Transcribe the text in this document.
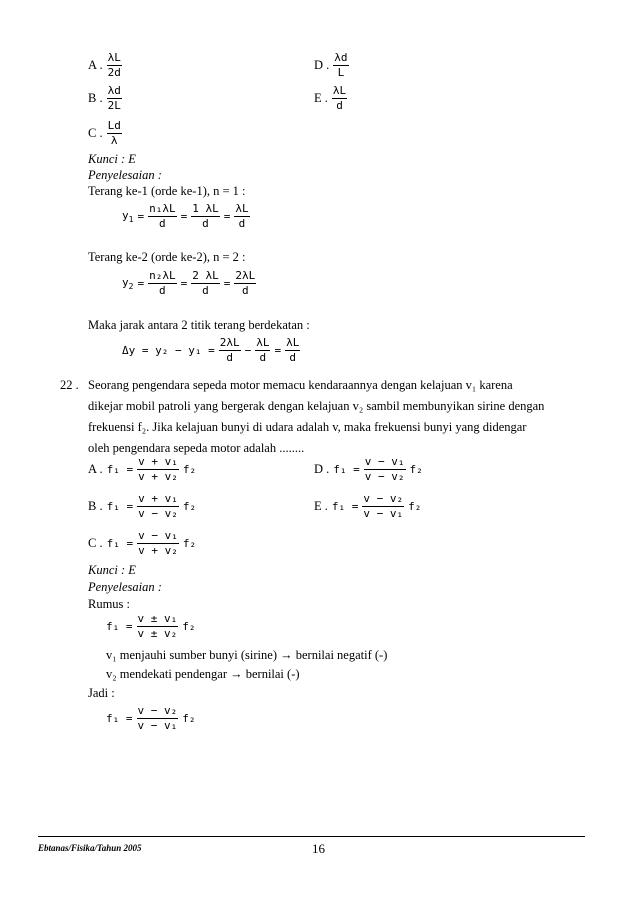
A . $\frac{\lambda L}{2d}$
B . $\frac{\lambda d}{2L}$
C . $\frac{Ld}{\lambda}$
D . $\frac{\lambda d}{L}$
E . $\frac{\lambda L}{d}$
Kunci : E
Penyelesaian :
Terang ke-1 (orde ke-1), n = 1 :
$y_1 = \frac{\text{n₁λL}}{d} = \frac{1 \lambda L}{d} = \frac{\lambda L}{d}$
Terang ke-2 (orde ke-2), n = 2 :
$y_2 = \frac{\text{n₂λL}}{d} = \frac{2 \lambda L}{d} = \frac{2\lambda L}{d}$
Maka jarak antara 2 titik terang berdekatan :
$\Delta y = y_2 - y_1 = \frac{2\lambda L}{d} - \frac{\lambda L}{d} = \frac{\lambda L}{d}$
22 . Seorang pengendara sepeda motor memacu kendaraannya dengan kelajuan v₁ karena
dikejar mobil patroli yang bergerak dengan kelajuan v₂ sambil membunyikan sirine dengan
frekuensi f₂. Jika kelajuan bunyi di udara adalah v, maka frekuensi bunyi yang didengar
oleh pengendara sepeda motor adalah ........
A . $f_1 = \frac{\text{v + v₁}}{\text{v + v₂}} f_2$
B . $f_1 = \frac{\text{v + v₁}}{\text{v − v₂}} f_2$
C . $f_1 = \frac{\text{v − v₁}}{\text{v + v₂}} f_2$
D . $f_1 = \frac{\text{v − v₁}}{\text{v − v₂}} f_2$
E . $f_1 = \frac{\text{v − v₂}}{\text{v − v₁}} f_2$
Kunci : E
Penyelesaian :
Rumus :
$f_1 = \frac{\text{v ± v₁}}{\text{v ± v₂}} f_2$
v₁ menjauhi sumber bunyi (sirine) → bernilai negatif (-)
v₂ mendekati pendengar → bernilai (-)
Jadi :
$f_1 = \frac{\text{v − v₂}}{\text{v − v₁}} f_2$
Ebtanas/Fisika/Tahun 2005	16
